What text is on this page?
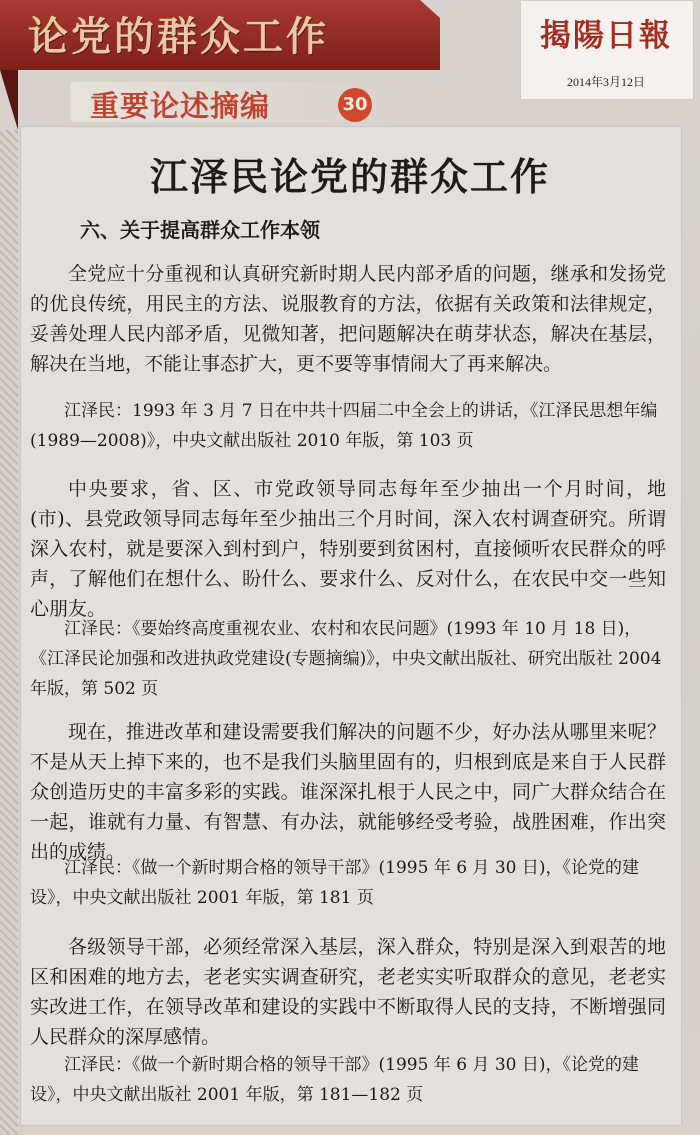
论党的群众工作
重要论述摘编	30
揭陽日報
2014年3月12日
江泽民论党的群众工作
六、关于提高群众工作本领

全党应十分重视和认真研究新时期人民内部矛盾的问题，继承和发扬党的优良传统，用民主的方法、说服教育的方法，依据有关政策和法律规定，妥善处理人民内部矛盾，见微知著，把问题解决在萌芽状态，解决在基层，解决在当地，不能让事态扩大，更不要等事情闹大了再来解决。

江泽民：1993 年 3 月 7 日在中共十四届二中全会上的讲话，《江泽民思想年编(1989—2008)》，中央文献出版社 2010 年版，第 103 页

中央要求，省、区、市党政领导同志每年至少抽出一个月时间，地(市)、县党政领导同志每年至少抽出三个月时间，深入农村调查研究。所谓深入农村，就是要深入到村到户，特别要到贫困村，直接倾听农民群众的呼声，了解他们在想什么、盼什么、要求什么、反对什么，在农民中交一些知心朋友。

江泽民：《要始终高度重视农业、农村和农民问题》(1993 年 10 月 18 日)，《江泽民论加强和改进执政党建设(专题摘编)》，中央文献出版社、研究出版社 2004 年版，第 502 页

现在，推进改革和建设需要我们解决的问题不少，好办法从哪里来呢？不是从天上掉下来的，也不是我们头脑里固有的，归根到底是来自于人民群众创造历史的丰富多彩的实践。谁深深扎根于人民之中，同广大群众结合在一起，谁就有力量、有智慧、有办法，就能够经受考验，战胜困难，作出突出的成绩。

江泽民：《做一个新时期合格的领导干部》(1995 年 6 月 30 日)，《论党的建设》，中央文献出版社 2001 年版，第 181 页

各级领导干部，必须经常深入基层，深入群众，特别是深入到艰苦的地区和困难的地方去，老老实实调查研究，老老实实听取群众的意见，老老实实改进工作，在领导改革和建设的实践中不断取得人民的支持，不断增强同人民群众的深厚感情。

江泽民：《做一个新时期合格的领导干部》(1995 年 6 月 30 日)，《论党的建设》，中央文献出版社 2001 年版，第 181—182 页
